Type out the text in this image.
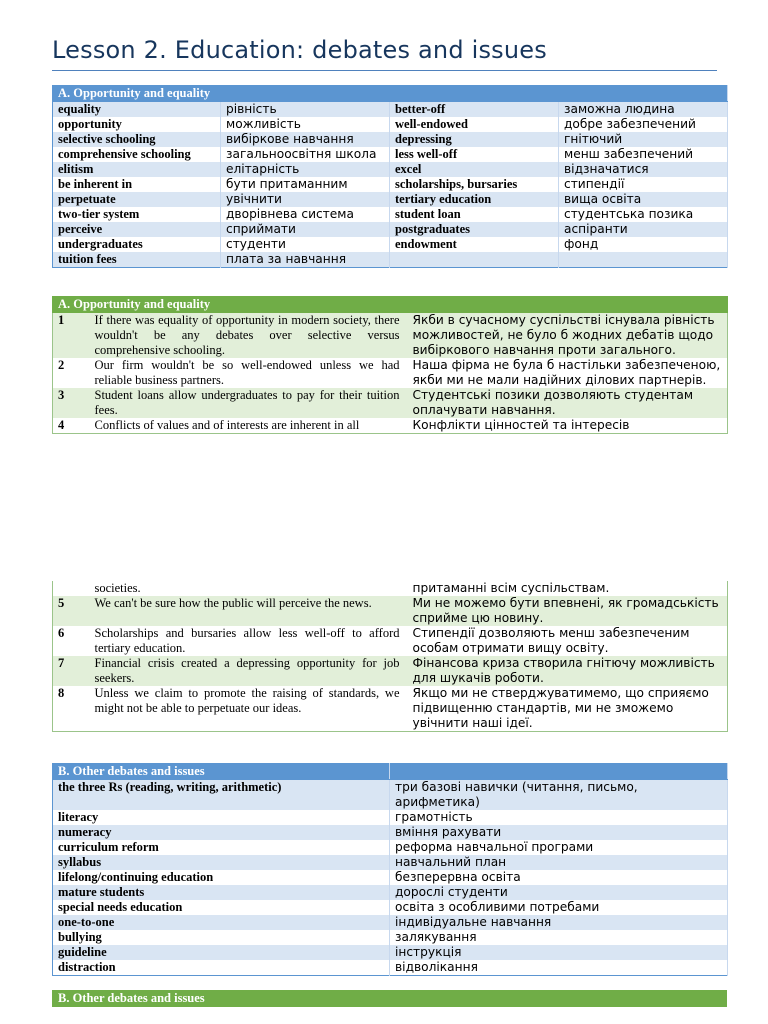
Lesson 2. Education: debates and issues
A. Opportunity and equality			
equality	рівність	better-off	заможна людина
opportunity	можливість	well-endowed	добре забезпечений
selective schooling	вибіркове навчання	depressing	гнітючий
comprehensive schooling	загальноосвітня школа	less well-off	менш забезпечений
elitism	елітарність	excel	відзначатися
be inherent in	бути притаманним	scholarships, bursaries	стипендії
perpetuate	увічнити	tertiary education	вища освіта
two-tier system	дворівнева система	student loan	студентська позика
perceive	сприймати	postgraduates	аспіранти
undergraduates	студенти	endowment	фонд
tuition fees	плата за навчання		
A. Opportunity and equality		
1	If there was equality of opportunity in modern society, there wouldn't be any debates over selective versus comprehensive schooling.	Якби в сучасному суспільстві існувала рівність можливостей, не було б жодних дебатів щодо вибіркового навчання проти загального.
2	Our firm wouldn't be so well-endowed unless we had reliable business partners.	Наша фірма не була б настільки забезпеченою, якби ми не мали надійних ділових партнерів.
3	Student loans allow undergraduates to pay for their tuition fees.	Студентські позики дозволяють студентам оплачувати навчання.
4	Conflicts of values and of interests are inherent in all	Конфлікти цінностей та інтересів
	societies.	притаманні всім суспільствам.
5	We can't be sure how the public will perceive the news.	Ми не можемо бути впевнені, як громадськість сприйме цю новину.
6	Scholarships and bursaries allow less well-off to afford tertiary education.	Стипендії дозволяють менш забезпеченим особам отримати вищу освіту.
7	Financial crisis created a depressing opportunity for job seekers.	Фінансова криза створила гнітючу можливість для шукачів роботи.
8	Unless we claim to promote the raising of standards, we might not be able to perpetuate our ideas.	Якщо ми не стверджуватимемо, що сприяємо підвищенню стандартів, ми не зможемо увічнити наші ідеї.
B. Other debates and issues	
the three Rs (reading, writing, arithmetic)	три базові навички (читання, письмо, арифметика)
literacy	грамотність
numeracy	вміння рахувати
curriculum reform	реформа навчальної програми
syllabus	навчальний план
lifelong/continuing education	безперервна освіта
mature students	дорослі студенти
special needs education	освіта з особливими потребами
one-to-one	індивідуальне навчання
bullying	залякування
guideline	інструкція
distraction	відволікання
B. Other debates and issues
